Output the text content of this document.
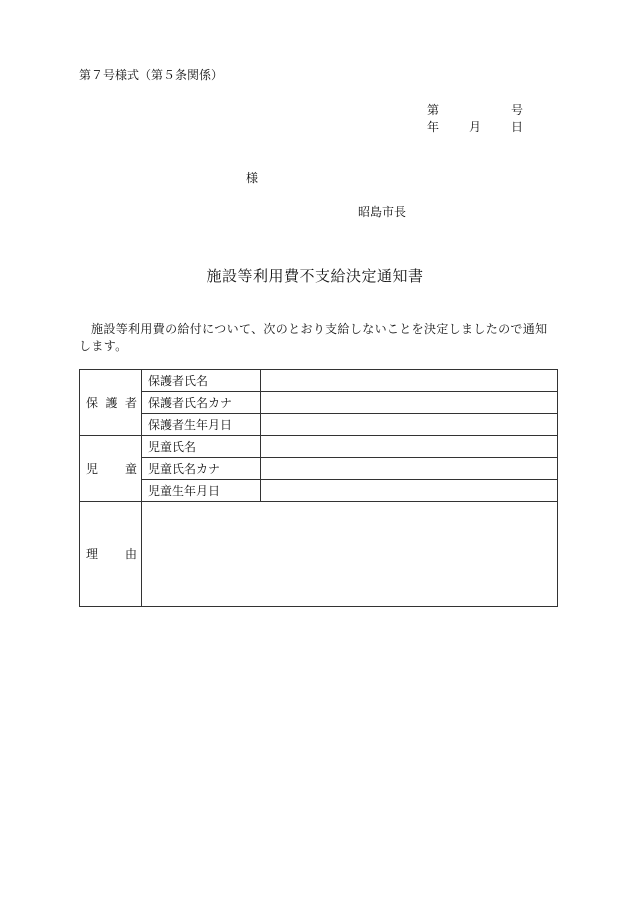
第７号様式（第５条関係）
第	号
年 月 日
様
昭島市長
施設等利用費不支給決定通知書
施設等利用費の給付について、次のとおり支給しないことを決定しましたので通知します。
保 護 者	保護者氏名	
	保護者氏名カナ	
	保護者生年月日	

児 童	児童氏名	
	児童氏名カナ	
	児童生年月日	

理 由		
